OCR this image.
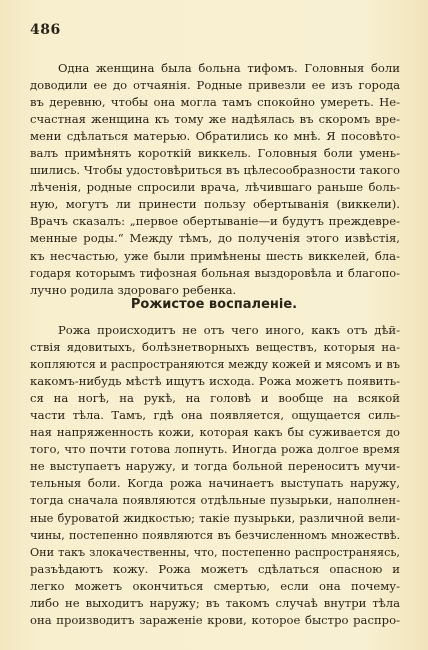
486
Одна женщина была больна тифомъ. Головныя боли
доводили ее до отчаянія. Родные привезли ее изъ города
въ деревню, чтобы она могла тамъ спокойно умереть. Не-
счастная женщина къ тому же надѣялась въ скоромъ вре-
мени сдѣлаться матерью. Обратились ко мнѣ. Я посовѣто-
валъ примѣнять короткій виккель. Головныя боли умень-
шились. Чтобы удостовѣриться въ цѣлесообразности такого
лѣченія, родные спросили врача, лѣчившаго раньше боль-
ную, могутъ ли принести пользу обертыванія (виккели).
Врачъ сказалъ: „первое обертываніе—и будутъ преждевре-
менные роды.“ Между тѣмъ, до полученія этого извѣстія,
къ несчастью, уже были примѣнены шесть виккелей, бла-
годаря которымъ тифозная больная выздоровѣла и благопо-
лучно родила здороваго ребенка.
Рожистое воспаленіе.
Рожа происходитъ не отъ чего иного, какъ отъ дѣй-
ствія ядовитыхъ, болѣзнетворныхъ веществъ, которыя на-
копляются и распространяются между кожей и мясомъ и въ
какомъ-нибудь мѣстѣ ищутъ исхода. Рожа можетъ появить-
ся на ногѣ, на рукѣ, на головѣ и вообще на всякой
части тѣла. Тамъ, гдѣ она появляется, ощущается силь-
ная напряженность кожи, которая какъ бы суживается до
того, что почти готова лопнуть. Иногда рожа долгое время
не выступаетъ наружу, и тогда больной переноситъ мучи-
тельныя боли. Когда рожа начинаетъ выступать наружу,
тогда сначала появляются отдѣльные пузырьки, наполнен-
ные буроватой жидкостью; такіе пузырьки, различной вели-
чины, постепенно появляются въ безчисленномъ множествѣ.
Они такъ злокачественны, что, постепенно распространяясь,
разъѣдаютъ кожу. Рожа можетъ сдѣлаться опасною и
легко можетъ окончиться смертью, если она почему-
либо не выходитъ наружу; въ такомъ случаѣ внутри тѣла
она производитъ зараженіе крови, которое быстро распро-
